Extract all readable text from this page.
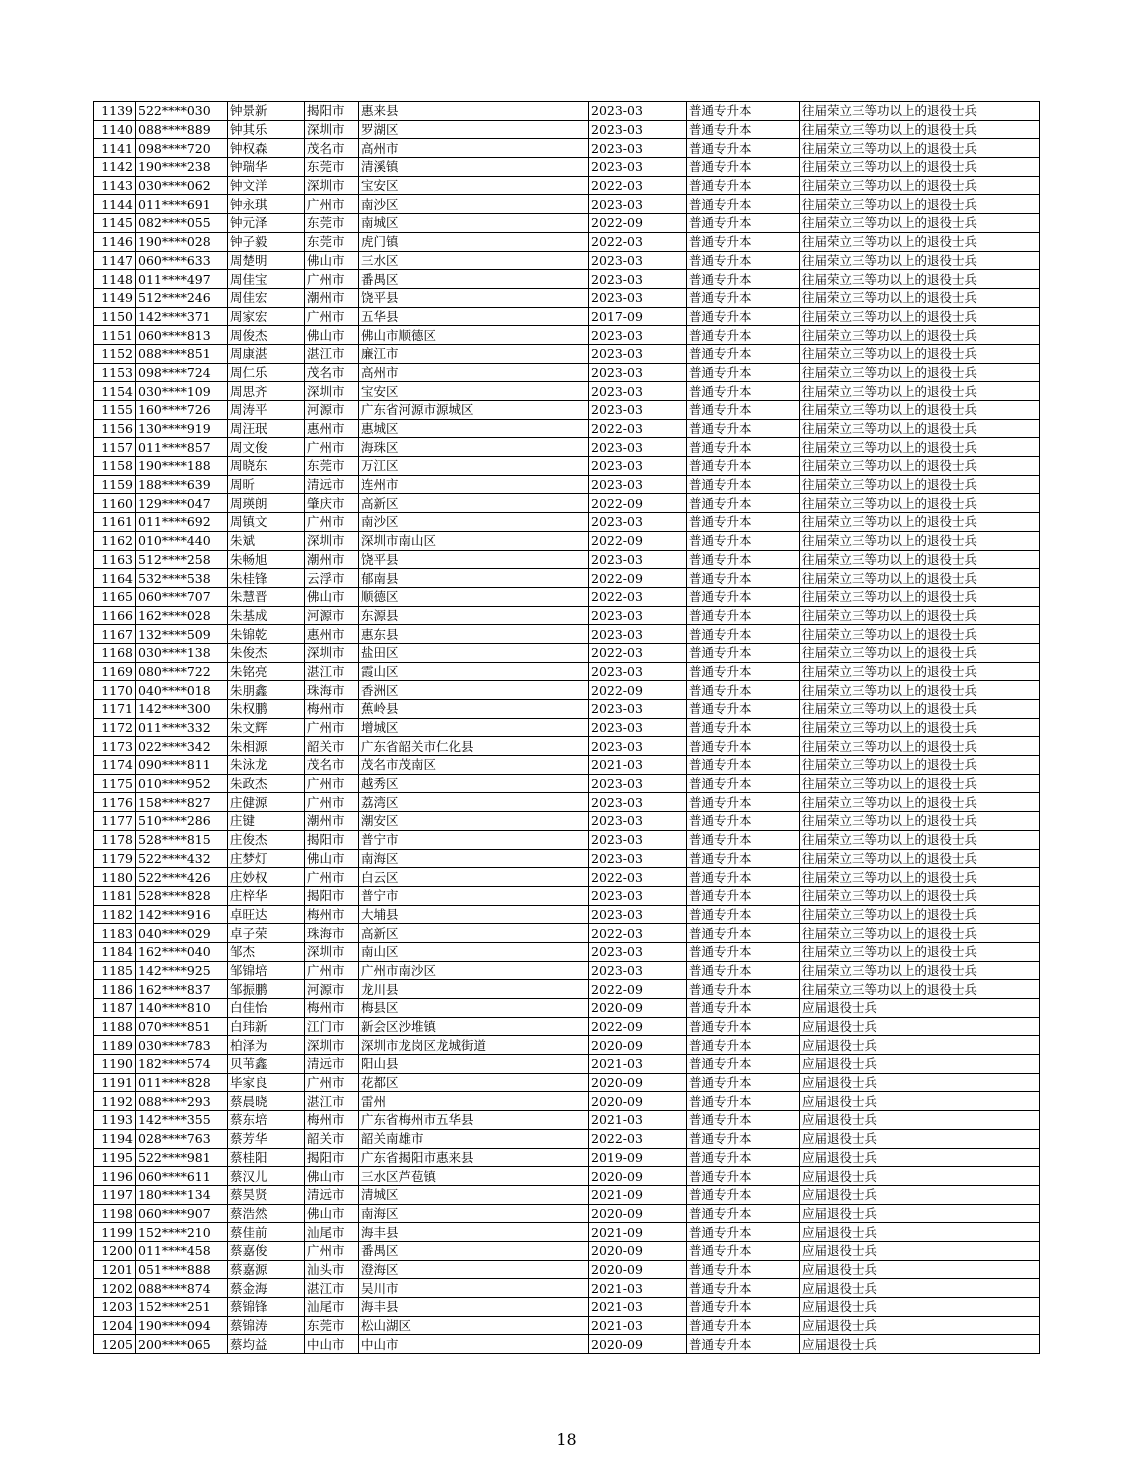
1139	522****030	钟景新	揭阳市	惠来县	2023-03	普通专升本	往届荣立三等功以上的退役士兵
1140	088****889	钟其乐	深圳市	罗湖区	2023-03	普通专升本	往届荣立三等功以上的退役士兵
1141	098****720	钟权森	茂名市	高州市	2023-03	普通专升本	往届荣立三等功以上的退役士兵
1142	190****238	钟瑞华	东莞市	清溪镇	2023-03	普通专升本	往届荣立三等功以上的退役士兵
1143	030****062	钟文洋	深圳市	宝安区	2022-03	普通专升本	往届荣立三等功以上的退役士兵
1144	011****691	钟永琪	广州市	南沙区	2023-03	普通专升本	往届荣立三等功以上的退役士兵
1145	082****055	钟元泽	东莞市	南城区	2022-09	普通专升本	往届荣立三等功以上的退役士兵
1146	190****028	钟子毅	东莞市	虎门镇	2022-03	普通专升本	往届荣立三等功以上的退役士兵
1147	060****633	周楚明	佛山市	三水区	2023-03	普通专升本	往届荣立三等功以上的退役士兵
1148	011****497	周佳宝	广州市	番禺区	2023-03	普通专升本	往届荣立三等功以上的退役士兵
1149	512****246	周佳宏	潮州市	饶平县	2023-03	普通专升本	往届荣立三等功以上的退役士兵
1150	142****371	周家宏	广州市	五华县	2017-09	普通专升本	往届荣立三等功以上的退役士兵
1151	060****813	周俊杰	佛山市	佛山市顺德区	2023-03	普通专升本	往届荣立三等功以上的退役士兵
1152	088****851	周康湛	湛江市	廉江市	2023-03	普通专升本	往届荣立三等功以上的退役士兵
1153	098****724	周仁乐	茂名市	高州市	2023-03	普通专升本	往届荣立三等功以上的退役士兵
1154	030****109	周思齐	深圳市	宝安区	2023-03	普通专升本	往届荣立三等功以上的退役士兵
1155	160****726	周涛平	河源市	广东省河源市源城区	2023-03	普通专升本	往届荣立三等功以上的退役士兵
1156	130****919	周汪珉	惠州市	惠城区	2022-03	普通专升本	往届荣立三等功以上的退役士兵
1157	011****857	周文俊	广州市	海珠区	2023-03	普通专升本	往届荣立三等功以上的退役士兵
1158	190****188	周晓东	东莞市	万江区	2023-03	普通专升本	往届荣立三等功以上的退役士兵
1159	188****639	周昕	清远市	连州市	2023-03	普通专升本	往届荣立三等功以上的退役士兵
1160	129****047	周瑛朗	肇庆市	高新区	2022-09	普通专升本	往届荣立三等功以上的退役士兵
1161	011****692	周镇文	广州市	南沙区	2023-03	普通专升本	往届荣立三等功以上的退役士兵
1162	010****440	朱斌	深圳市	深圳市南山区	2022-09	普通专升本	往届荣立三等功以上的退役士兵
1163	512****258	朱畅旭	潮州市	饶平县	2023-03	普通专升本	往届荣立三等功以上的退役士兵
1164	532****538	朱桂锋	云浮市	郁南县	2022-09	普通专升本	往届荣立三等功以上的退役士兵
1165	060****707	朱慧晋	佛山市	顺德区	2022-03	普通专升本	往届荣立三等功以上的退役士兵
1166	162****028	朱基成	河源市	东源县	2023-03	普通专升本	往届荣立三等功以上的退役士兵
1167	132****509	朱锦乾	惠州市	惠东县	2023-03	普通专升本	往届荣立三等功以上的退役士兵
1168	030****138	朱俊杰	深圳市	盐田区	2022-03	普通专升本	往届荣立三等功以上的退役士兵
1169	080****722	朱铭亮	湛江市	霞山区	2023-03	普通专升本	往届荣立三等功以上的退役士兵
1170	040****018	朱朋鑫	珠海市	香洲区	2022-09	普通专升本	往届荣立三等功以上的退役士兵
1171	142****300	朱权鹏	梅州市	蕉岭县	2023-03	普通专升本	往届荣立三等功以上的退役士兵
1172	011****332	朱文辉	广州市	增城区	2023-03	普通专升本	往届荣立三等功以上的退役士兵
1173	022****342	朱相源	韶关市	广东省韶关市仁化县	2023-03	普通专升本	往届荣立三等功以上的退役士兵
1174	090****811	朱泳龙	茂名市	茂名市茂南区	2021-03	普通专升本	往届荣立三等功以上的退役士兵
1175	010****952	朱政杰	广州市	越秀区	2023-03	普通专升本	往届荣立三等功以上的退役士兵
1176	158****827	庄健源	广州市	荔湾区	2023-03	普通专升本	往届荣立三等功以上的退役士兵
1177	510****286	庄键	潮州市	潮安区	2023-03	普通专升本	往届荣立三等功以上的退役士兵
1178	528****815	庄俊杰	揭阳市	普宁市	2023-03	普通专升本	往届荣立三等功以上的退役士兵
1179	522****432	庄梦灯	佛山市	南海区	2023-03	普通专升本	往届荣立三等功以上的退役士兵
1180	522****426	庄妙权	广州市	白云区	2022-03	普通专升本	往届荣立三等功以上的退役士兵
1181	528****828	庄梓华	揭阳市	普宁市	2023-03	普通专升本	往届荣立三等功以上的退役士兵
1182	142****916	卓旺达	梅州市	大埔县	2023-03	普通专升本	往届荣立三等功以上的退役士兵
1183	040****029	卓子荣	珠海市	高新区	2022-03	普通专升本	往届荣立三等功以上的退役士兵
1184	162****040	邹杰	深圳市	南山区	2023-03	普通专升本	往届荣立三等功以上的退役士兵
1185	142****925	邹锦培	广州市	广州市南沙区	2023-03	普通专升本	往届荣立三等功以上的退役士兵
1186	162****837	邹振鹏	河源市	龙川县	2022-09	普通专升本	往届荣立三等功以上的退役士兵
1187	140****810	白佳怡	梅州市	梅县区	2020-09	普通专升本	应届退役士兵
1188	070****851	白玮新	江门市	新会区沙堆镇	2022-09	普通专升本	应届退役士兵
1189	030****783	柏泽为	深圳市	深圳市龙岗区龙城街道	2020-09	普通专升本	应届退役士兵
1190	182****574	贝苇鑫	清远市	阳山县	2021-03	普通专升本	应届退役士兵
1191	011****828	毕家良	广州市	花都区	2020-09	普通专升本	应届退役士兵
1192	088****293	蔡晨晓	湛江市	雷州	2020-09	普通专升本	应届退役士兵
1193	142****355	蔡东培	梅州市	广东省梅州市五华县	2021-03	普通专升本	应届退役士兵
1194	028****763	蔡芳华	韶关市	韶关南雄市	2022-03	普通专升本	应届退役士兵
1195	522****981	蔡桂阳	揭阳市	广东省揭阳市惠来县	2019-09	普通专升本	应届退役士兵
1196	060****611	蔡汉儿	佛山市	三水区芦苞镇	2020-09	普通专升本	应届退役士兵
1197	180****134	蔡昊贤	清远市	清城区	2021-09	普通专升本	应届退役士兵
1198	060****907	蔡浩然	佛山市	南海区	2020-09	普通专升本	应届退役士兵
1199	152****210	蔡佳前	汕尾市	海丰县	2021-09	普通专升本	应届退役士兵
1200	011****458	蔡嘉俊	广州市	番禺区	2020-09	普通专升本	应届退役士兵
1201	051****888	蔡嘉源	汕头市	澄海区	2020-09	普通专升本	应届退役士兵
1202	088****874	蔡金海	湛江市	吴川市	2021-03	普通专升本	应届退役士兵
1203	152****251	蔡锦锋	汕尾市	海丰县	2021-03	普通专升本	应届退役士兵
1204	190****094	蔡锦涛	东莞市	松山湖区	2021-03	普通专升本	应届退役士兵
1205	200****065	蔡均益	中山市	中山市	2020-09	普通专升本	应届退役士兵
18
